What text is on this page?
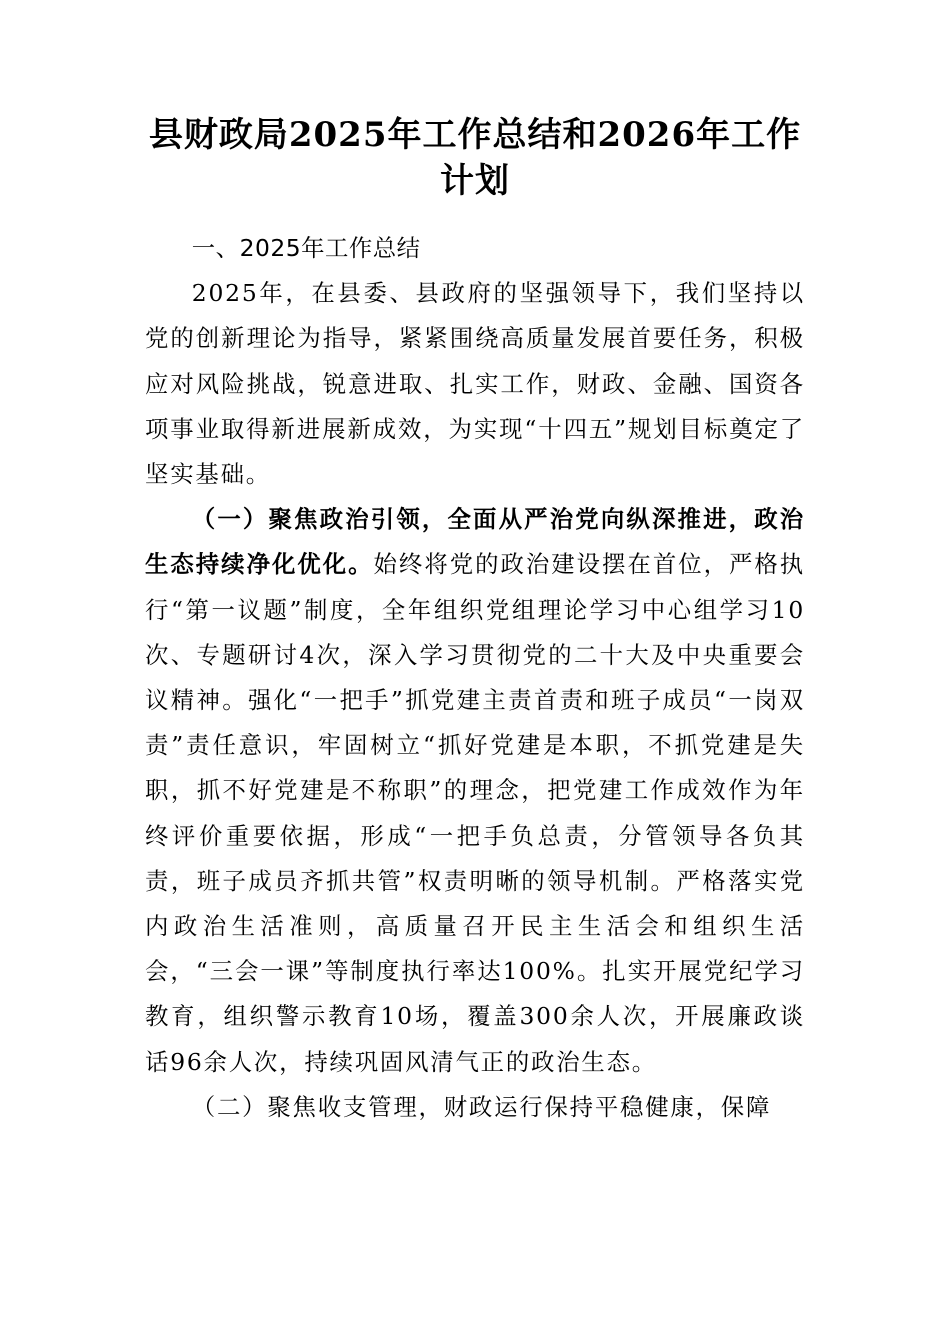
县财政局2025年工作总结和2026年工作计划

一、2025年工作总结

2025年，在县委、县政府的坚强领导下，我们坚持以党的创新理论为指导，紧紧围绕高质量发展首要任务，积极应对风险挑战，锐意进取、扎实工作，财政、金融、国资各项事业取得新进展新成效，为实现“十四五”规划目标奠定了坚实基础。

（一）聚焦政治引领，全面从严治党向纵深推进，政治生态持续净化优化。始终将党的政治建设摆在首位，严格执行“第一议题”制度，全年组织党组理论学习中心组学习10次、专题研讨4次，深入学习贯彻党的二十大及中央重要会议精神。强化“一把手”抓党建主责首责和班子成员“一岗双责”责任意识，牢固树立“抓好党建是本职，不抓党建是失职，抓不好党建是不称职”的理念，把党建工作成效作为年终评价重要依据，形成“一把手负总责，分管领导各负其责，班子成员齐抓共管”权责明晰的领导机制。严格落实党内政治生活准则，高质量召开民主生活会和组织生活会，“三会一课”等制度执行率达100%。扎实开展党纪学习教育，组织警示教育10场，覆盖300余人次，开展廉政谈话96余人次，持续巩固风清气正的政治生态。

（二）聚焦收支管理，财政运行保持平稳健康，保障
